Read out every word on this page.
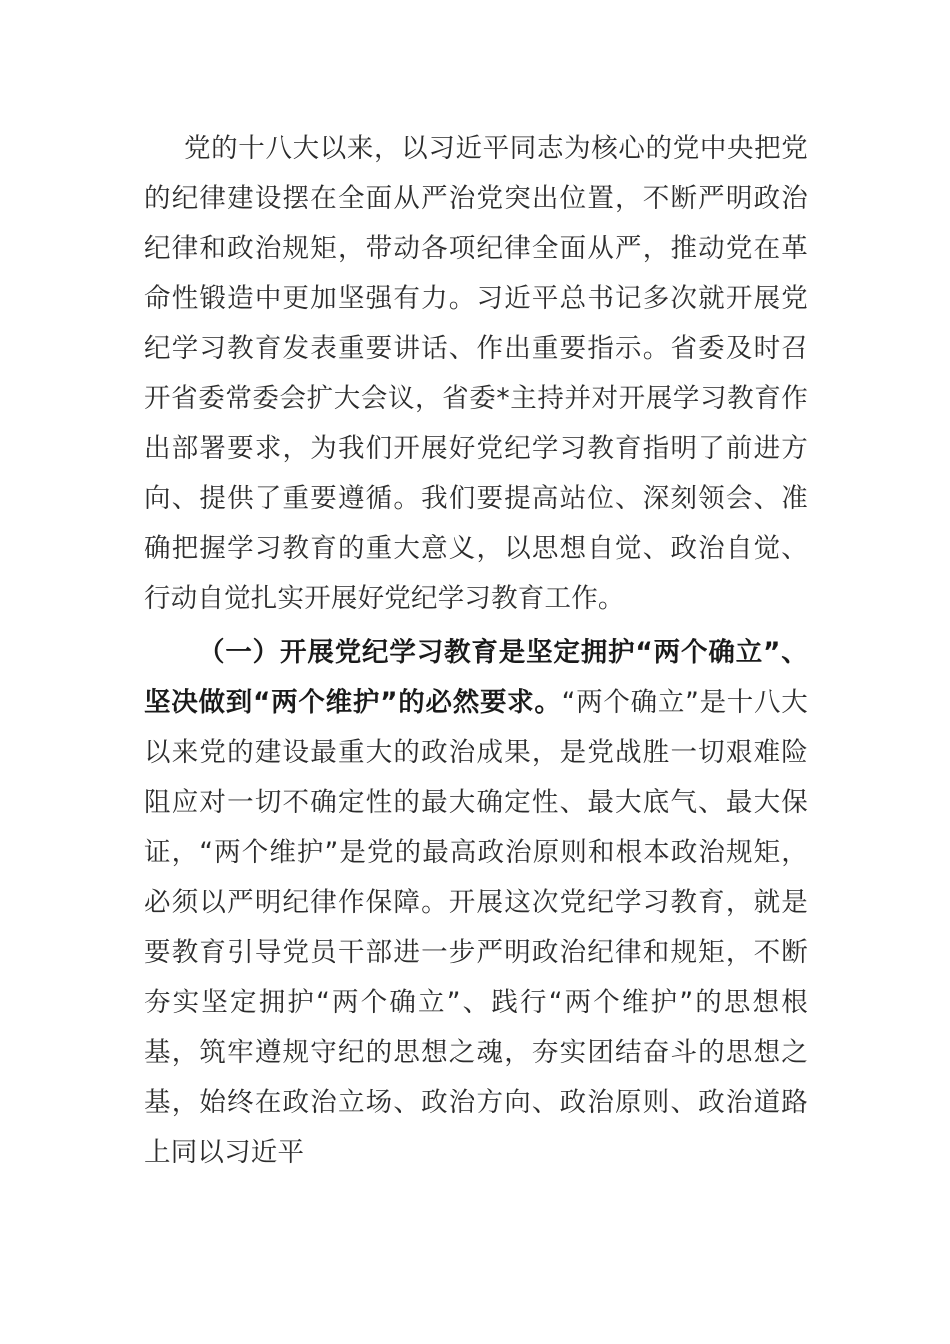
党的十八大以来，以习近平同志为核心的党中央把党的纪律建设摆在全面从严治党突出位置，不断严明政治纪律和政治规矩，带动各项纪律全面从严，推动党在革命性锻造中更加坚强有力。习近平总书记多次就开展党纪学习教育发表重要讲话、作出重要指示。省委及时召开省委常委会扩大会议，省委*主持并对开展学习教育作出部署要求，为我们开展好党纪学习教育指明了前进方向、提供了重要遵循。我们要提高站位、深刻领会、准确把握学习教育的重大意义，以思想自觉、政治自觉、行动自觉扎实开展好党纪学习教育工作。

（一）开展党纪学习教育是坚定拥护“两个确立”、坚决做到“两个维护”的必然要求。“两个确立”是十八大以来党的建设最重大的政治成果，是党战胜一切艰难险阻应对一切不确定性的最大确定性、最大底气、最大保证，“两个维护”是党的最高政治原则和根本政治规矩，必须以严明纪律作保障。开展这次党纪学习教育，就是要教育引导党员干部进一步严明政治纪律和规矩，不断夯实坚定拥护“两个确立”、践行“两个维护”的思想根基，筑牢遵规守纪的思想之魂，夯实团结奋斗的思想之基，始终在政治立场、政治方向、政治原则、政治道路上同以习近平
